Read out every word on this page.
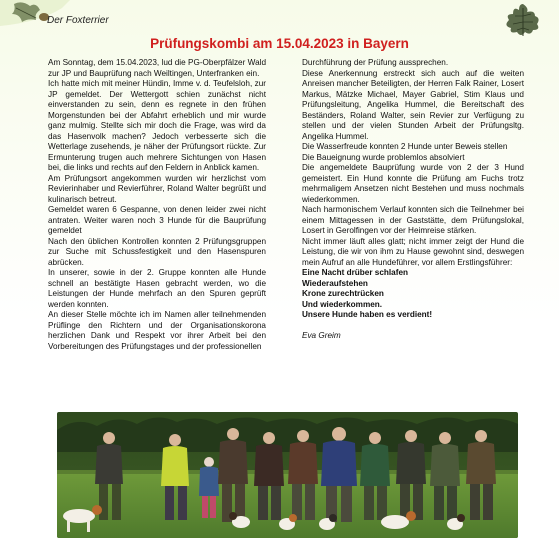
Der Foxterrier
Prüfungskombi am 15.04.2023 in Bayern

Am Sonntag, dem 15.04.2023, lud die PG-Oberpfälzer Wald zur JP und Bauprüfung nach Weiltingen, Unterfranken ein.

Ich hatte mich mit meiner Hündin, Imme v. d. Teufelsloh, zur JP gemeldet. Der Wettergott schien zunächst nicht einverstanden zu sein, denn es regnete in den frühen Morgenstunden bei der Abfahrt erheblich und mir wurde ganz mulmig. Stellte sich mir doch die Frage, was wird da das Hasenvolk machen? Jedoch verbesserte sich die Wetterlage zusehends, je näher der Prüfungsort rückte. Zur Ermunterung trugen auch mehrere Sichtungen von Hasen bei, die links und rechts auf den Feldern in Anblick kamen.

Am Prüfungsort angekommen wurden wir herzlichst vom Revierinhaber und Revierführer, Roland Walter begrüßt und kulinarisch betreut.

Gemeldet waren 6 Gespanne, von denen leider zwei nicht antraten. Weiter waren noch 3 Hunde für die Bauprüfung gemeldet

Nach den üblichen Kontrollen konnten 2 Prüfungsgruppen zur Suche mit Schussfestigkeit und den Hasenspuren abrücken.

In unserer, sowie in der 2. Gruppe konnten alle Hunde schnell an bestätigte Hasen gebracht werden, wo die Leistungen der Hunde mehrfach an den Spuren geprüft werden konnten.

An dieser Stelle möchte ich im Namen aller teilnehmenden Prüflinge den Richtern und der Organisationskorona herzlichen Dank und Respekt vor ihrer Arbeit bei den Vorbereitungen des Prüfungstages und der professionellen

Durchführung der Prüfung aussprechen.

Diese Anerkennung erstreckt sich auch auf die weiten Anreisen mancher Beteiligten, der Herren Falk Rainer, Losert Markus, Mätzke Michael, Mayer Gabriel, Stim Klaus und Prüfungsleitung, Angelika Hummel, die Bereitschaft des Beständers, Roland Walter, sein Revier zur Verfügung zu stellen und der vielen Stunden Arbeit der Prüfungsltg. Angelika Hummel.

Die Wasserfreude konnten 2 Hunde unter Beweis stellen

Die Baueignung wurde problemlos absolviert

Die angemeldete Bauprüfung wurde von 2 der 3 Hund gemeistert. Ein Hund konnte die Prüfung am Fuchs trotz mehrmaligem Ansetzen nicht Bestehen und muss nochmals wiederkommen.

Nach harmonischem Verlauf konnten sich die Teilnehmer bei einem Mittagessen in der Gaststätte, dem Prüfungslokal, Losert in Gerolfingen vor der Heimreise stärken.

Nicht immer läuft alles glatt; nicht immer zeigt der Hund die Leistung, die wir von ihm zu Hause gewohnt sind, deswegen mein Aufruf an alle Hundeführer, vor allem Erstlingsführer:

Eine Nacht drüber schlafen

Wiederaufstehen

Krone zurechtrücken

Und wiederkommen.

Unsere Hunde haben es verdient!

Eva Greim
